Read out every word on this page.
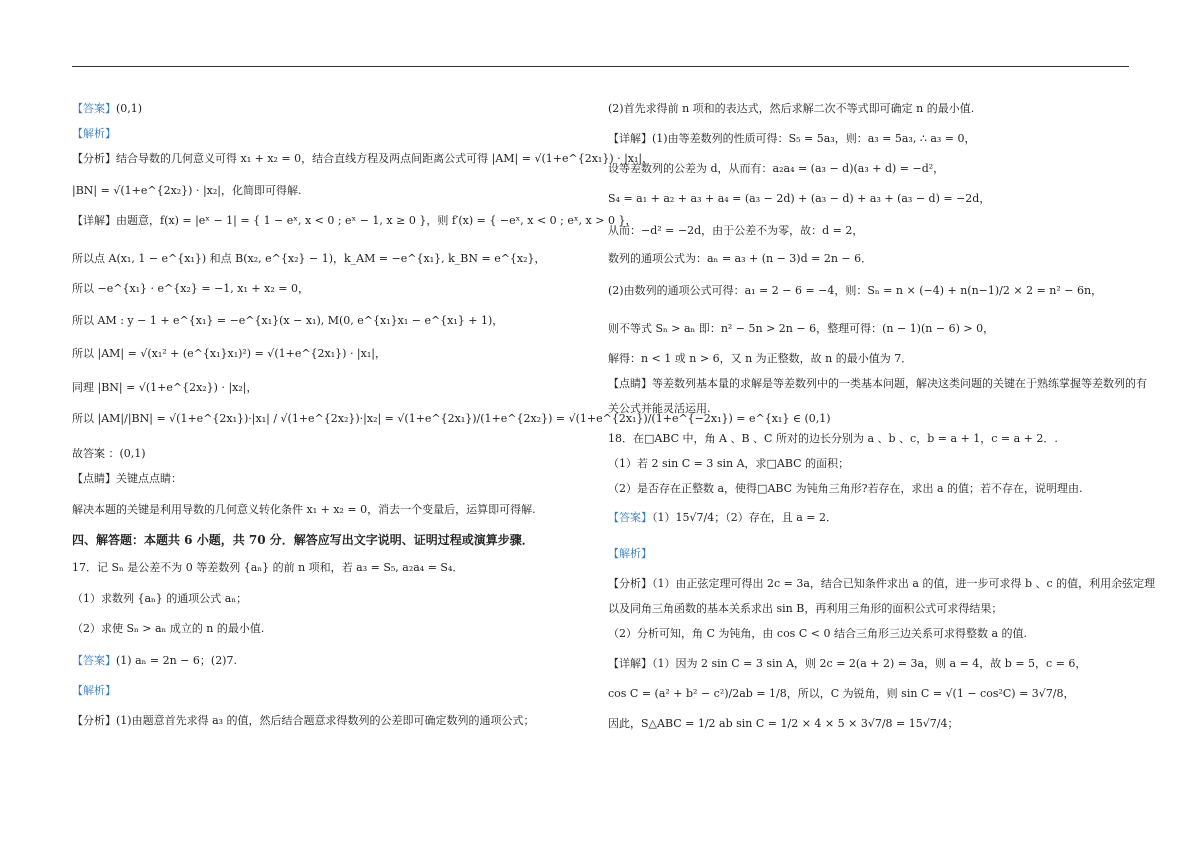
【答案】(0,1)
【解析】
【分析】结合导数的几何意义可得 x₁ + x₂ = 0，结合直线方程及两点间距离公式可得 |AM| = √(1+e^{2x₁}) · |x₁|，
|BN| = √(1+e^{2x₂}) · |x₂|，化简即可得解.
【详解】由题意，f(x) = |eˣ − 1| = { 1 − eˣ, x < 0 ; eˣ − 1, x ≥ 0 }，则 f′(x) = { −eˣ, x < 0 ; eˣ, x > 0 }，
所以点 A(x₁, 1 − e^{x₁}) 和点 B(x₂, e^{x₂} − 1)，k_AM = −e^{x₁}, k_BN = e^{x₂}，
所以 −e^{x₁} · e^{x₂} = −1, x₁ + x₂ = 0，
所以 AM : y − 1 + e^{x₁} = −e^{x₁}(x − x₁), M(0, e^{x₁}x₁ − e^{x₁} + 1)，
所以 |AM| = √(x₁² + (e^{x₁}x₁)²) = √(1+e^{2x₁}) · |x₁|，
同理 |BN| = √(1+e^{2x₂}) · |x₂|，
所以 |AM|/|BN| = √(1+e^{2x₁})·|x₁| / √(1+e^{2x₂})·|x₂| = √(1+e^{2x₁})/(1+e^{2x₂}) = √(1+e^{2x₁})/(1+e^{−2x₁}) = e^{x₁} ∈ (0,1)
故答案 ：(0,1)
【点睛】关键点点睛：
解决本题的关键是利用导数的几何意义转化条件 x₁ + x₂ = 0，消去一个变量后，运算即可得解.
四、解答题：本题共 6 小题，共 70 分．解答应写出文字说明、证明过程或演算步骤．
17．记 Sₙ 是公差不为 0 等差数列 {aₙ} 的前 n 项和，若 a₃ = S₅, a₂a₄ = S₄．
（1）求数列 {aₙ} 的通项公式 aₙ；
（2）求使 Sₙ > aₙ 成立的 n 的最小值.
【答案】(1) aₙ = 2n − 6；(2)7.
【解析】
【分析】(1)由题意首先求得 a₃ 的值，然后结合题意求得数列的公差即可确定数列的通项公式；
(2)首先求得前 n 项和的表达式，然后求解二次不等式即可确定 n 的最小值.
【详解】(1)由等差数列的性质可得：S₅ = 5a₃，则：a₃ = 5a₃, ∴ a₃ = 0，
设等差数列的公差为 d，从而有：a₂a₄ = (a₃ − d)(a₃ + d) = −d²，
S₄ = a₁ + a₂ + a₃ + a₄ = (a₃ − 2d) + (a₃ − d) + a₃ + (a₃ − d) = −2d，
从而：−d² = −2d，由于公差不为零，故：d = 2，
数列的通项公式为：aₙ = a₃ + (n − 3)d = 2n − 6．
(2)由数列的通项公式可得：a₁ = 2 − 6 = −4，则：Sₙ = n × (−4) + n(n−1)/2 × 2 = n² − 6n，
则不等式 Sₙ > aₙ 即：n² − 5n > 2n − 6，整理可得：(n − 1)(n − 6) > 0，
解得：n < 1 或 n > 6，又 n 为正整数，故 n 的最小值为 7．
【点睛】等差数列基本量的求解是等差数列中的一类基本问题，解决这类问题的关键在于熟练掌握等差数列的有
关公式并能灵活运用.
18．在□ABC 中，角 A 、B 、C 所对的边长分别为 a 、b 、c，b = a + 1，c = a + 2．.
（1）若 2 sin C = 3 sin A，求□ABC 的面积；
（2）是否存在正整数 a，使得□ABC 为钝角三角形?若存在，求出 a 的值；若不存在，说明理由.
【答案】（1）15√7/4；（2）存在，且 a = 2．
【解析】
【分析】（1）由正弦定理可得出 2c = 3a，结合已知条件求出 a 的值，进一步可求得 b 、c 的值，利用余弦定理
以及同角三角函数的基本关系求出 sin B，再利用三角形的面积公式可求得结果；
（2）分析可知，角 C 为钝角，由 cos C < 0 结合三角形三边关系可求得整数 a 的值.
【详解】（1）因为 2 sin C = 3 sin A，则 2c = 2(a + 2) = 3a，则 a = 4，故 b = 5，c = 6，
cos C = (a² + b² − c²)/2ab = 1/8，所以，C 为锐角，则 sin C = √(1 − cos²C) = 3√7/8，
因此，S△ABC = 1/2 ab sin C = 1/2 × 4 × 5 × 3√7/8 = 15√7/4；
